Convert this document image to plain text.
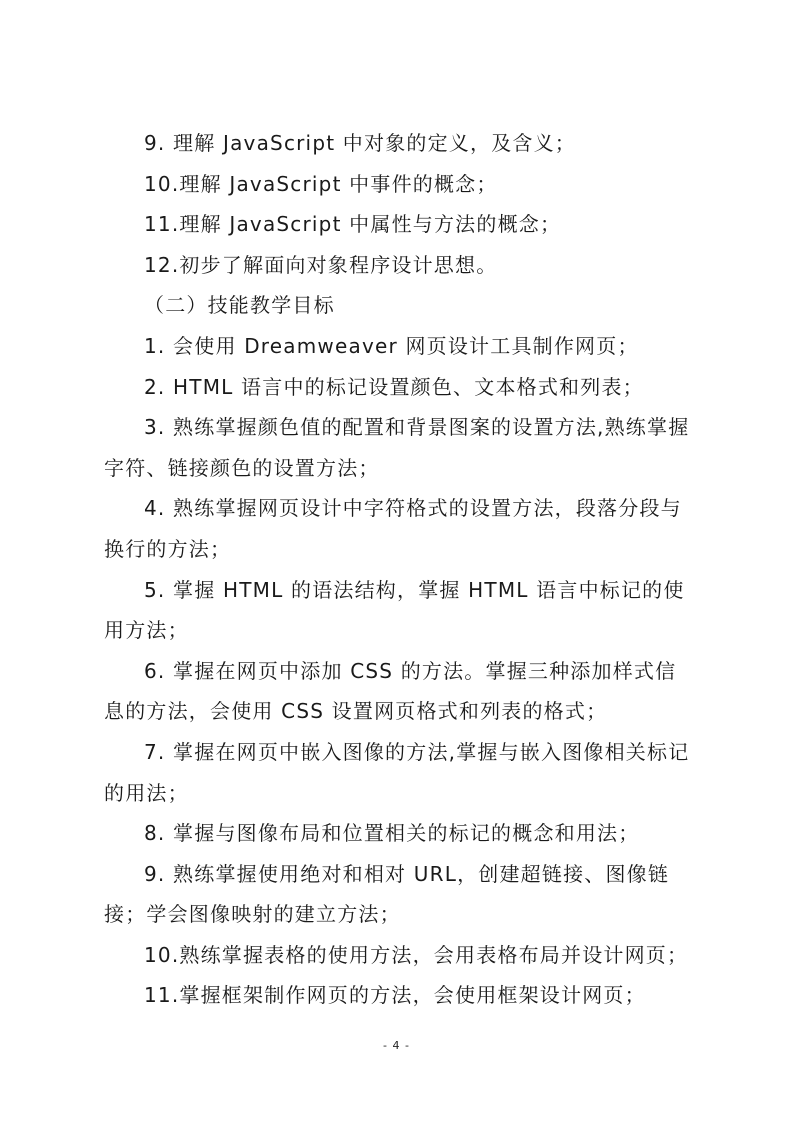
9. 理解 JavaScript 中对象的定义，及含义；

10.理解 JavaScript 中事件的概念；

11.理解 JavaScript 中属性与方法的概念；

12.初步了解面向对象程序设计思想。

（二）技能教学目标

1. 会使用 Dreamweaver 网页设计工具制作网页；

2. HTML 语言中的标记设置颜色、文本格式和列表；

3. 熟练掌握颜色值的配置和背景图案的设置方法,熟练掌握字符、链接颜色的设置方法；

4. 熟练掌握网页设计中字符格式的设置方法，段落分段与换行的方法；

5. 掌握 HTML 的语法结构，掌握 HTML 语言中标记的使用方法；

6. 掌握在网页中添加 CSS 的方法。掌握三种添加样式信息的方法，会使用 CSS 设置网页格式和列表的格式；

7. 掌握在网页中嵌入图像的方法,掌握与嵌入图像相关标记的用法；

8. 掌握与图像布局和位置相关的标记的概念和用法；

9. 熟练掌握使用绝对和相对 URL，创建超链接、图像链接；学会图像映射的建立方法；

10.熟练掌握表格的使用方法，会用表格布局并设计网页；

11.掌握框架制作网页的方法，会使用框架设计网页；

- 4 -
